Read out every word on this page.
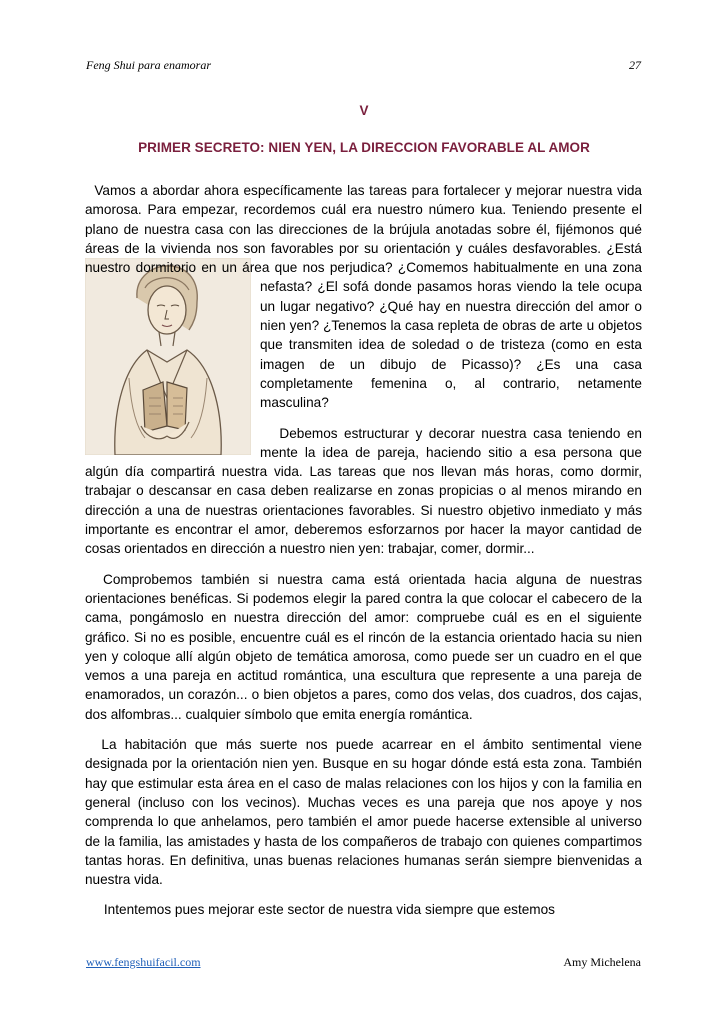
Feng Shui para enamorar	27
V
PRIMER SECRETO: NIEN YEN, LA DIRECCION FAVORABLE AL AMOR

Vamos a abordar ahora específicamente las tareas para fortalecer y mejorar nuestra vida amorosa. Para empezar, recordemos cuál era nuestro número kua. Teniendo presente el plano de nuestra casa con las direcciones de la brújula anotadas sobre él, fijémonos qué áreas de la vivienda nos son favorables por su orientación y cuáles desfavorables. ¿Está nuestro dormitorio en un área que nos perjudica? ¿Comemos habitualmente en una zona nefasta? ¿El sofá donde pasamos horas viendo la tele ocupa un lugar negativo? ¿Qué hay en nuestra dirección del amor o nien yen? ¿Tenemos la casa repleta de obras de arte u objetos que transmiten idea de soledad o de tristeza (como en esta imagen de un dibujo de Picasso)? ¿Es una casa completamente femenina o, al contrario, netamente masculina?

Debemos estructurar y decorar nuestra casa teniendo en mente la idea de pareja, haciendo sitio a esa persona que algún día compartirá nuestra vida. Las tareas que nos llevan más horas, como dormir, trabajar o descansar en casa deben realizarse en zonas propicias o al menos mirando en dirección a una de nuestras orientaciones favorables. Si nuestro objetivo inmediato y más importante es encontrar el amor, deberemos esforzarnos por hacer la mayor cantidad de cosas orientados en dirección a nuestro nien yen: trabajar, comer, dormir...

Comprobemos también si nuestra cama está orientada hacia alguna de nuestras orientaciones benéficas. Si podemos elegir la pared contra la que colocar el cabecero de la cama, pongámoslo en nuestra dirección del amor: compruebe cuál es en el siguiente gráfico. Si no es posible, encuentre cuál es el rincón de la estancia orientado hacia su nien yen y coloque allí algún objeto de temática amorosa, como puede ser un cuadro en el que vemos a una pareja en actitud romántica, una escultura que represente a una pareja de enamorados, un corazón... o bien objetos a pares, como dos velas, dos cuadros, dos cajas, dos alfombras... cualquier símbolo que emita energía romántica.

La habitación que más suerte nos puede acarrear en el ámbito sentimental viene designada por la orientación nien yen. Busque en su hogar dónde está esta zona. También hay que estimular esta área en el caso de malas relaciones con los hijos y con la familia en general (incluso con los vecinos). Muchas veces es una pareja que nos apoye y nos comprenda lo que anhelamos, pero también el amor puede hacerse extensible al universo de la familia, las amistades y hasta de los compañeros de trabajo con quienes compartimos tantas horas. En definitiva, unas buenas relaciones humanas serán siempre bienvenidas a nuestra vida.

Intentemos pues mejorar este sector de nuestra vida siempre que estemos

www.fengshuifacil.com	Amy Michelena
